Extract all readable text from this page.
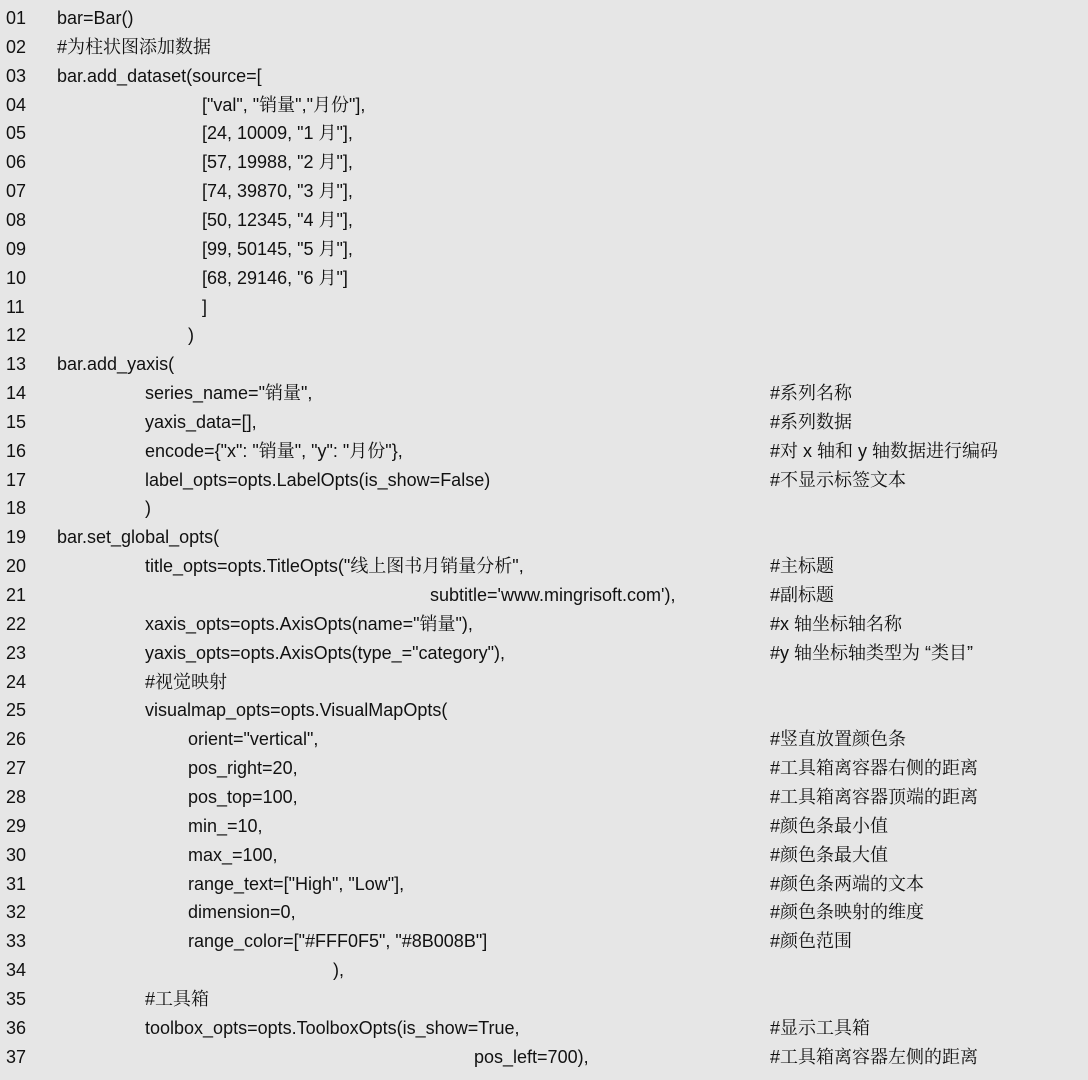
01	bar=Bar()
02	#为柱状图添加数据
03	bar.add_dataset(source=[
04	["val", "销量","月份"],
05	[24, 10009, "1 月"],
06	[57, 19988, "2 月"],
07	[74, 39870, "3 月"],
08	[50, 12345, "4 月"],
09	[99, 50145, "5 月"],
10	[68, 29146, "6 月"]
11	]
12	)
13	bar.add_yaxis(
14	series_name="销量",	#系列名称
15	yaxis_data=[],	#系列数据
16	encode={"x": "销量", "y": "月份"},	#对 x 轴和 y 轴数据进行编码
17	label_opts=opts.LabelOpts(is_show=False)	#不显示标签文本
18	)
19	bar.set_global_opts(
20	title_opts=opts.TitleOpts("线上图书月销量分析",	#主标题
21	subtitle='www.mingrisoft.com'),	#副标题
22	xaxis_opts=opts.AxisOpts(name="销量"),	#x 轴坐标轴名称
23	yaxis_opts=opts.AxisOpts(type_="category"),	#y 轴坐标轴类型为 “类目”
24	#视觉映射
25	visualmap_opts=opts.VisualMapOpts(
26	orient="vertical",	#竖直放置颜色条
27	pos_right=20,	#工具箱离容器右侧的距离
28	pos_top=100,	#工具箱离容器顶端的距离
29	min_=10,	#颜色条最小值
30	max_=100,	#颜色条最大值
31	range_text=["High", "Low"],	#颜色条两端的文本
32	dimension=0,	#颜色条映射的维度
33	range_color=["#FFF0F5", "#8B008B"]	#颜色范围
34	),
35	#工具箱
36	toolbox_opts=opts.ToolboxOpts(is_show=True,	#显示工具箱
37	pos_left=700),	#工具箱离容器左侧的距离
